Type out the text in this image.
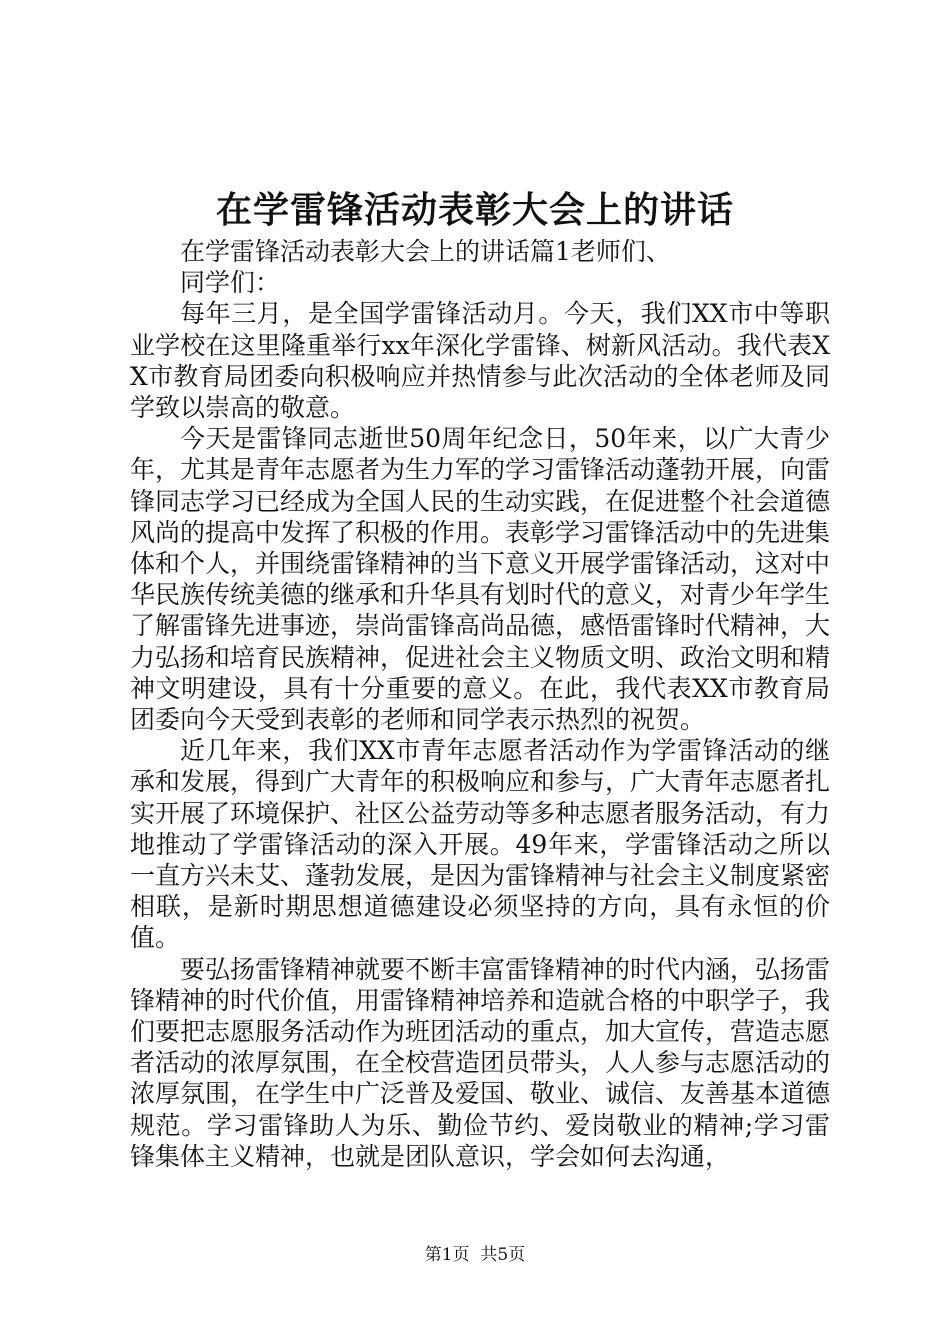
在学雷锋活动表彰大会上的讲话

在学雷锋活动表彰大会上的讲话篇1老师们、

同学们：

每年三月，是全国学雷锋活动月。今天，我们XX市中等职业学校在这里隆重举行xx年深化学雷锋、树新风活动。我代表XX市教育局团委向积极响应并热情参与此次活动的全体老师及同学致以崇高的敬意。

今天是雷锋同志逝世50周年纪念日，50年来，以广大青少年，尤其是青年志愿者为生力军的学习雷锋活动蓬勃开展，向雷锋同志学习已经成为全国人民的生动实践，在促进整个社会道德风尚的提高中发挥了积极的作用。表彰学习雷锋活动中的先进集体和个人，并围绕雷锋精神的当下意义开展学雷锋活动，这对中华民族传统美德的继承和升华具有划时代的意义，对青少年学生了解雷锋先进事迹，崇尚雷锋高尚品德，感悟雷锋时代精神，大力弘扬和培育民族精神，促进社会主义物质文明、政治文明和精神文明建设，具有十分重要的意义。在此，我代表XX市教育局团委向今天受到表彰的老师和同学表示热烈的祝贺。

近几年来，我们XX市青年志愿者活动作为学雷锋活动的继承和发展，得到广大青年的积极响应和参与，广大青年志愿者扎实开展了环境保护、社区公益劳动等多种志愿者服务活动，有力地推动了学雷锋活动的深入开展。49年来，学雷锋活动之所以一直方兴未艾、蓬勃发展，是因为雷锋精神与社会主义制度紧密相联，是新时期思想道德建设必须坚持的方向，具有永恒的价值。

要弘扬雷锋精神就要不断丰富雷锋精神的时代内涵，弘扬雷锋精神的时代价值，用雷锋精神培养和造就合格的中职学子，我们要把志愿服务活动作为班团活动的重点，加大宣传，营造志愿者活动的浓厚氛围，在全校营造团员带头，人人参与志愿活动的浓厚氛围，在学生中广泛普及爱国、敬业、诚信、友善基本道德规范。学习雷锋助人为乐、勤俭节约、爱岗敬业的精神;学习雷锋集体主义精神，也就是团队意识，学会如何去沟通，

第1页 共5页
